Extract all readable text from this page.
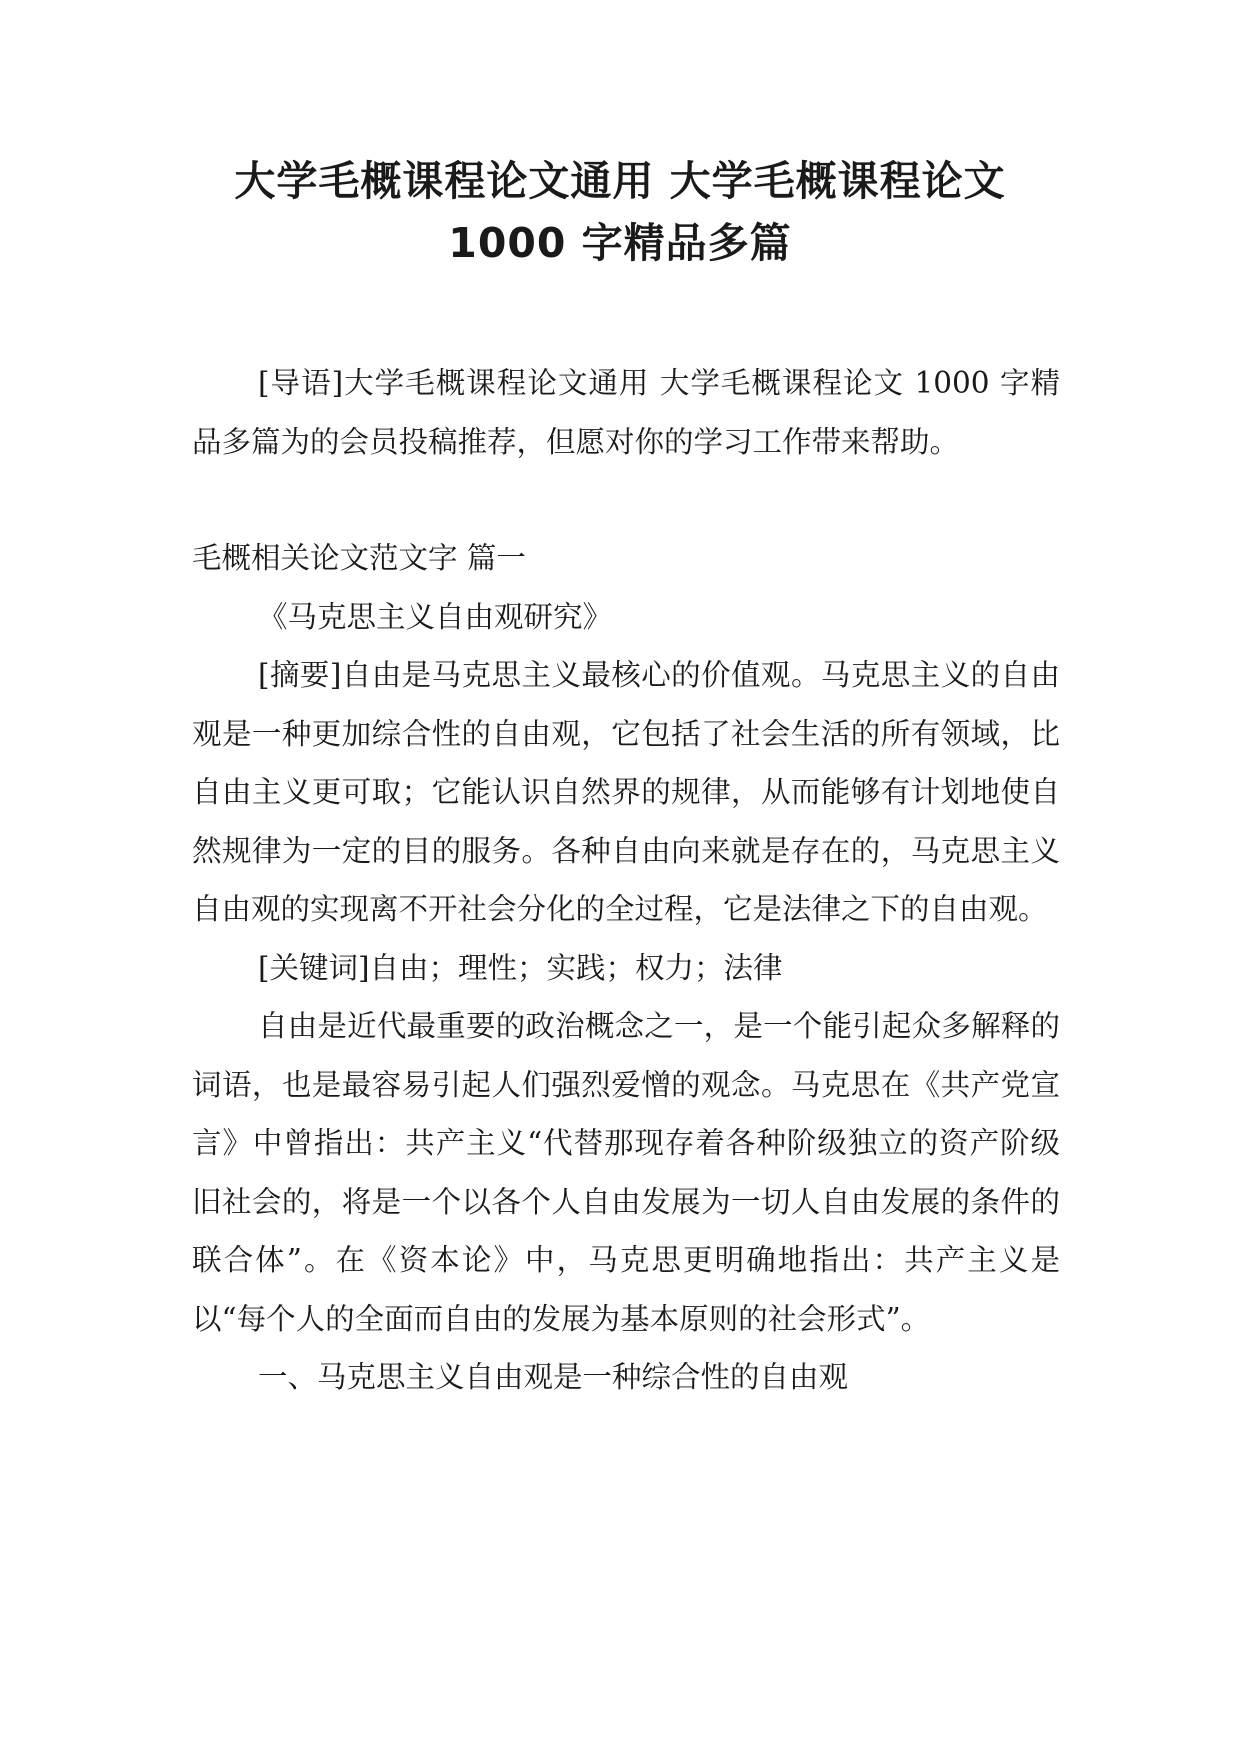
大学毛概课程论文通用 大学毛概课程论文
1000 字精品多篇

[导语]大学毛概课程论文通用 大学毛概课程论文 1000 字精品多篇为的会员投稿推荐，但愿对你的学习工作带来帮助。

毛概相关论文范文字 篇一

《马克思主义自由观研究》

[摘要]自由是马克思主义最核心的价值观。马克思主义的自由观是一种更加综合性的自由观，它包括了社会生活的所有领域，比自由主义更可取；它能认识自然界的规律，从而能够有计划地使自然规律为一定的目的服务。各种自由向来就是存在的，马克思主义自由观的实现离不开社会分化的全过程，它是法律之下的自由观。

[关键词]自由；理性；实践；权力；法律

自由是近代最重要的政治概念之一，是一个能引起众多解释的词语，也是最容易引起人们强烈爱憎的观念。马克思在《共产党宣言》中曾指出：共产主义“代替那现存着各种阶级独立的资产阶级旧社会的，将是一个以各个人自由发展为一切人自由发展的条件的联合体”。在《资本论》中，马克思更明确地指出：共产主义是以“每个人的全面而自由的发展为基本原则的社会形式”。

一、马克思主义自由观是一种综合性的自由观
